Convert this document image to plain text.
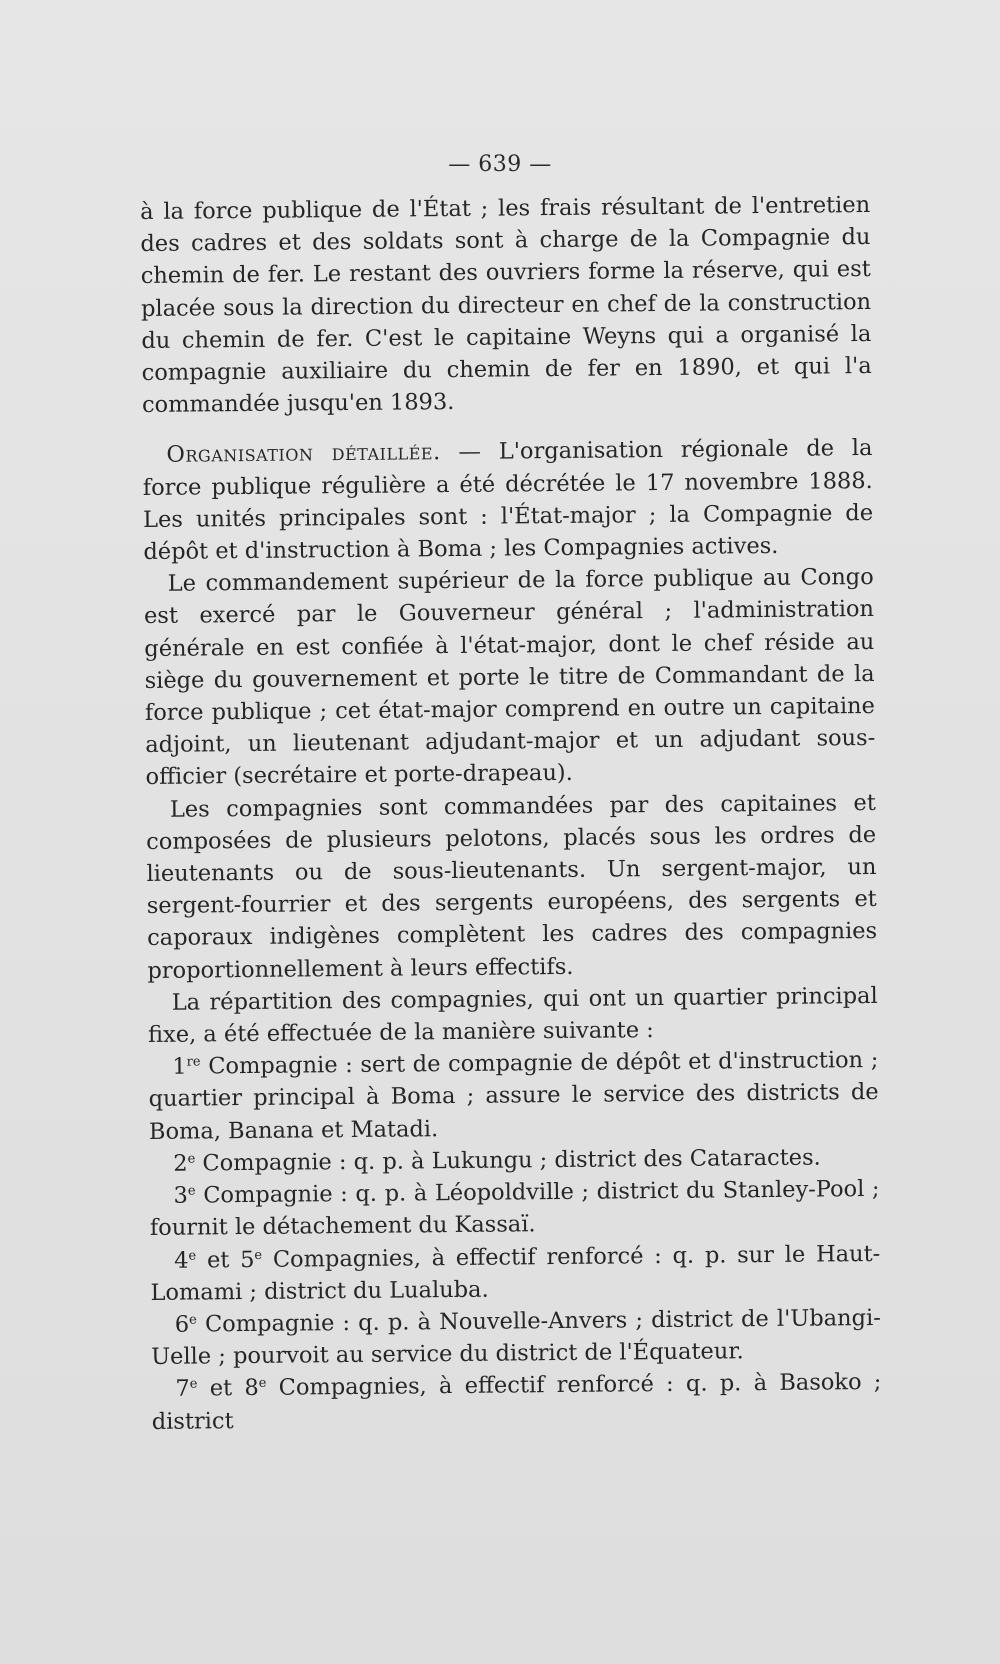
— 639 —

à la force publique de l'État ; les frais résultant de l'entretien des cadres et des soldats sont à charge de la Compagnie du chemin de fer. Le restant des ouvriers forme la réserve, qui est placée sous la direction du directeur en chef de la construction du chemin de fer. C'est le capitaine Weyns qui a organisé la compagnie auxiliaire du chemin de fer en 1890, et qui l'a commandée jusqu'en 1893.

Organisation détaillée. — L'organisation régionale de la force publique régulière a été décrétée le 17 novembre 1888. Les unités principales sont : l'État-major ; la Compagnie de dépôt et d'instruction à Boma ; les Compagnies actives.

Le commandement supérieur de la force publique au Congo est exercé par le Gouverneur général ; l'administration générale en est confiée à l'état-major, dont le chef réside au siège du gouvernement et porte le titre de Commandant de la force publique ; cet état-major comprend en outre un capitaine adjoint, un lieutenant adjudant-major et un adjudant sous-officier (secrétaire et porte-drapeau).

Les compagnies sont commandées par des capitaines et composées de plusieurs pelotons, placés sous les ordres de lieutenants ou de sous-lieutenants. Un sergent-major, un sergent-fourrier et des sergents européens, des sergents et caporaux indigènes complètent les cadres des compagnies proportionnellement à leurs effectifs.

La répartition des compagnies, qui ont un quartier principal fixe, a été effectuée de la manière suivante :

1re Compagnie : sert de compagnie de dépôt et d'instruction ; quartier principal à Boma ; assure le service des districts de Boma, Banana et Matadi.

2e Compagnie : q. p. à Lukungu ; district des Cataractes.

3e Compagnie : q. p. à Léopoldville ; district du Stanley-Pool ; fournit le détachement du Kassaï.

4e et 5e Compagnies, à effectif renforcé : q. p. sur le Haut-Lomami ; district du Lualuba.

6e Compagnie : q. p. à Nouvelle-Anvers ; district de l'Ubangi-Uelle ; pourvoit au service du district de l'Équateur.

7e et 8e Compagnies, à effectif renforcé : q. p. à Basoko ; district
